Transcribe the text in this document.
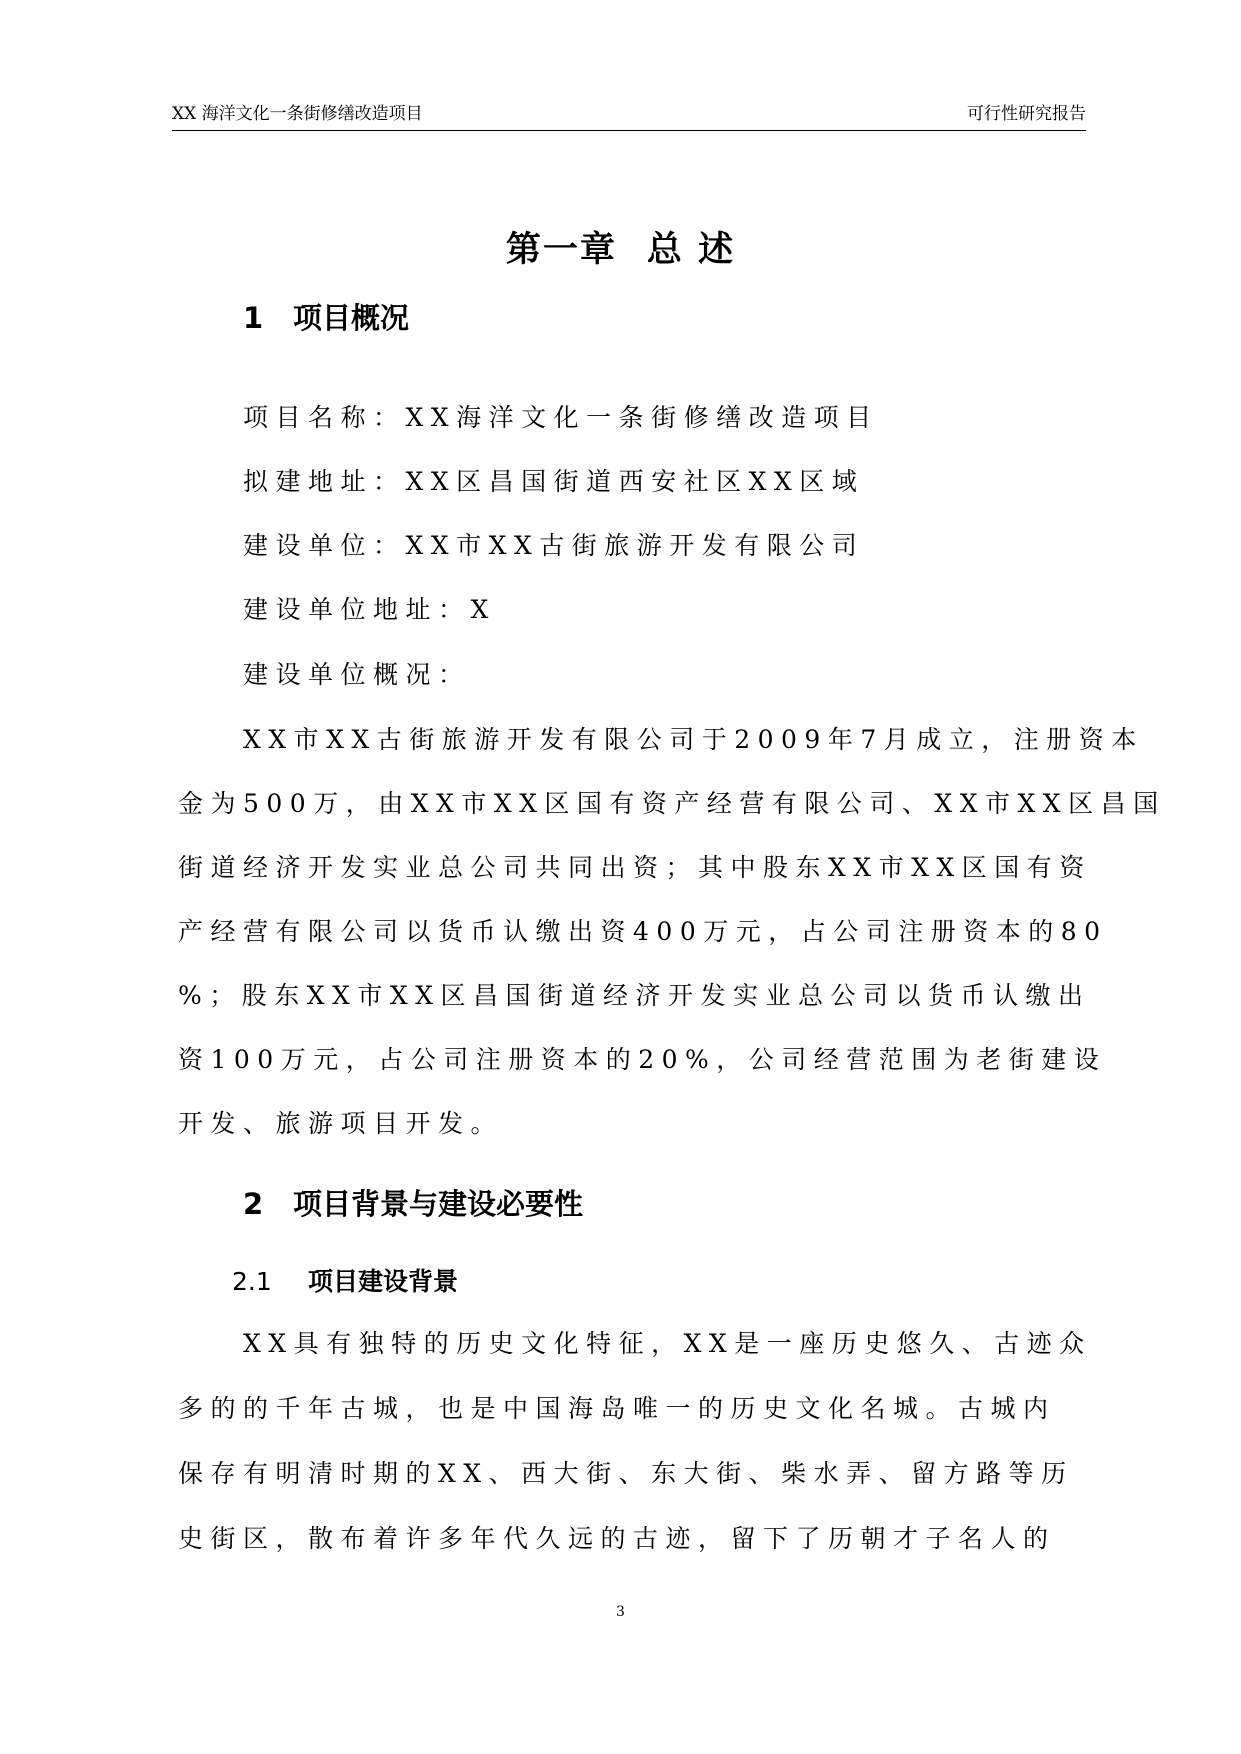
XX 海洋文化一条街修缮改造项目	可行性研究报告
第一章 总 述
1 项目概况
项目名称：XX海洋文化一条街修缮改造项目
拟建地址：XX区昌国街道西安社区XX区域
建设单位：XX市XX古街旅游开发有限公司
建设单位地址：X
建设单位概况：
XX市XX古街旅游开发有限公司于2009年7月成立，注册资本
金为500万，由XX市XX区国有资产经营有限公司、XX市XX区昌国
街道经济开发实业总公司共同出资；其中股东XX市XX区国有资
产经营有限公司以货币认缴出资400万元，占公司注册资本的80
%；股东XX市XX区昌国街道经济开发实业总公司以货币认缴出
资100万元，占公司注册资本的20%，公司经营范围为老街建设
开发、旅游项目开发。
2 项目背景与建设必要性
2.1 项目建设背景
XX具有独特的历史文化特征，XX是一座历史悠久、古迹众
多的的千年古城，也是中国海岛唯一的历史文化名城。古城内
保存有明清时期的XX、西大街、东大街、柴水弄、留方路等历
史街区，散布着许多年代久远的古迹，留下了历朝才子名人的
3
